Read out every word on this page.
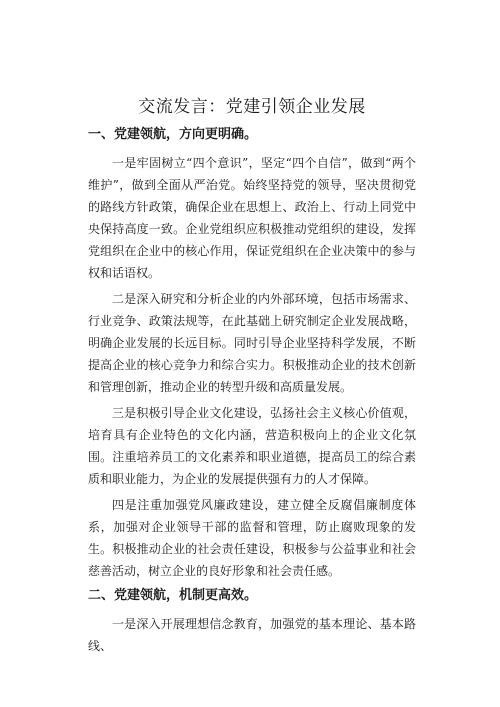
交流发言：党建引领企业发展
一、党建领航，方向更明确。

一是牢固树立“四个意识”，坚定“四个自信”，做到“两个维护”，做到全面从严治党。始终坚持党的领导，坚决贯彻党的路线方针政策，确保企业在思想上、政治上、行动上同党中央保持高度一致。企业党组织应积极推动党组织的建设，发挥党组织在企业中的核心作用，保证党组织在企业决策中的参与权和话语权。

二是深入研究和分析企业的内外部环境，包括市场需求、行业竞争、政策法规等，在此基础上研究制定企业发展战略，明确企业发展的长远目标。同时引导企业坚持科学发展，不断提高企业的核心竞争力和综合实力。积极推动企业的技术创新和管理创新，推动企业的转型升级和高质量发展。

三是积极引导企业文化建设，弘扬社会主义核心价值观，培育具有企业特色的文化内涵，营造积极向上的企业文化氛围。注重培养员工的文化素养和职业道德，提高员工的综合素质和职业能力，为企业的发展提供强有力的人才保障。

四是注重加强党风廉政建设，建立健全反腐倡廉制度体系，加强对企业领导干部的监督和管理，防止腐败现象的发生。积极推动企业的社会责任建设，积极参与公益事业和社会慈善活动，树立企业的良好形象和社会责任感。

二、党建领航，机制更高效。

一是深入开展理想信念教育，加强党的基本理论、基本路线、
